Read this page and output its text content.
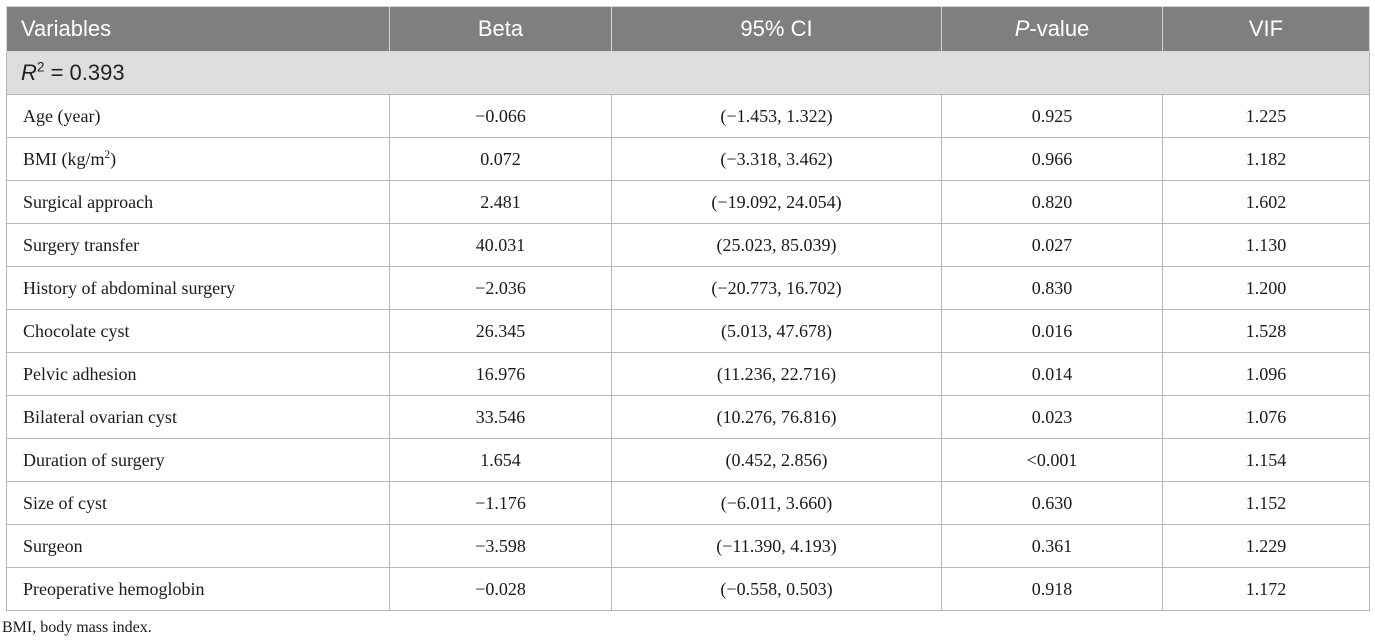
Variables	Beta	95% CI	P-value	VIF
$R^2 = 0.393$				
Age (year)	−0.066	(−1.453, 1.322)	0.925	1.225
BMI $(kg/m^2)$	0.072	(−3.318, 3.462)	0.966	1.182
Surgical approach	2.481	(−19.092, 24.054)	0.820	1.602
Surgery transfer	40.031	(25.023, 85.039)	0.027	1.130
History of abdominal surgery	−2.036	(−20.773, 16.702)	0.830	1.200
Chocolate cyst	26.345	(5.013, 47.678)	0.016	1.528
Pelvic adhesion	16.976	(11.236, 22.716)	0.014	1.096
Bilateral ovarian cyst	33.546	(10.276, 76.816)	0.023	1.076
Duration of surgery	1.654	(0.452, 2.856)	<0.001	1.154
Size of cyst	−1.176	(−6.011, 3.660)	0.630	1.152
Surgeon	−3.598	(−11.390, 4.193)	0.361	1.229
Preoperative hemoglobin	−0.028	(−0.558, 0.503)	0.918	1.172
BMI, body mass index.
